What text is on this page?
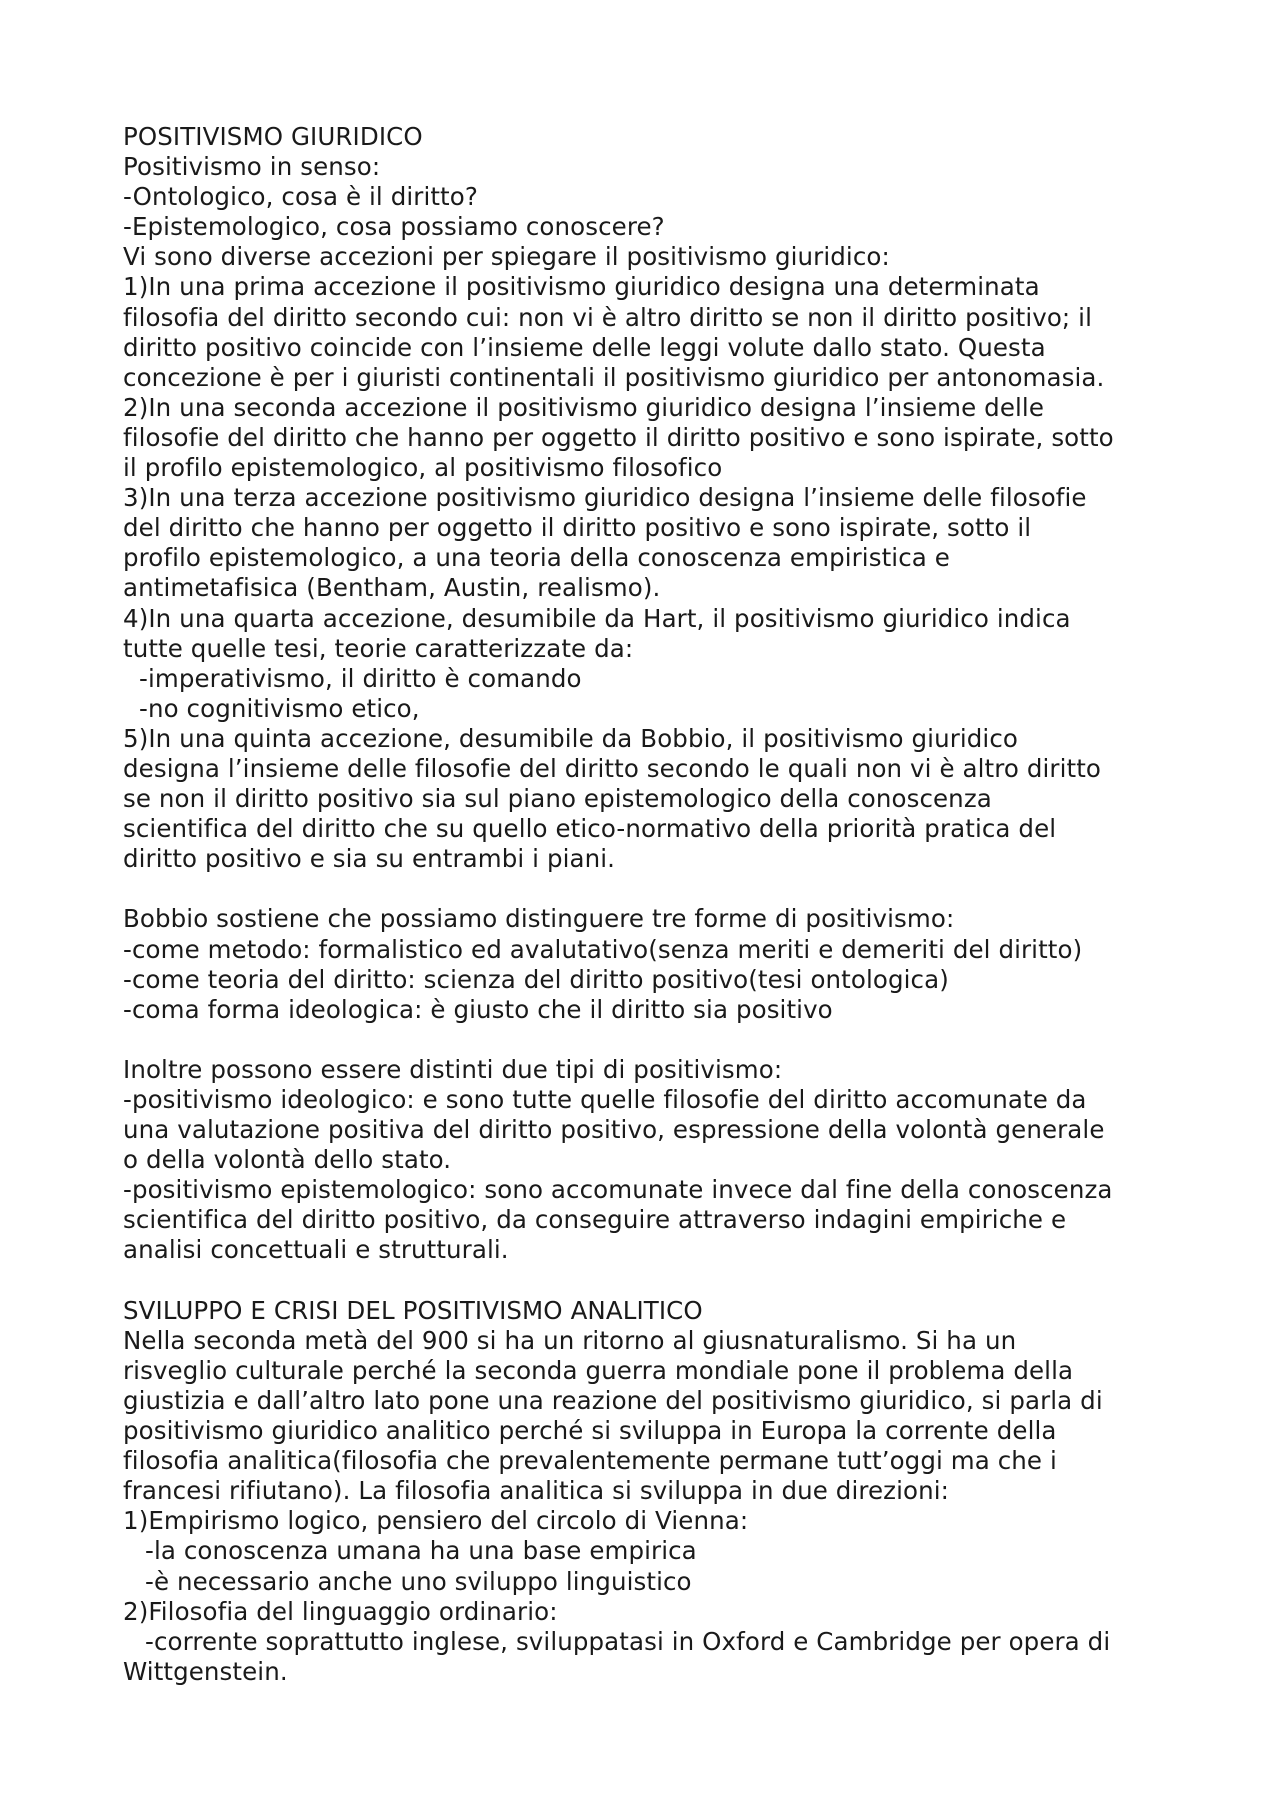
POSITIVISMO GIURIDICO
Positivismo in senso:
-Ontologico, cosa è il diritto?
-Epistemologico, cosa possiamo conoscere?
Vi sono diverse accezioni per spiegare il positivismo giuridico:
1)In una prima accezione il positivismo giuridico designa una determinata
filosofia del diritto secondo cui: non vi è altro diritto se non il diritto positivo; il
diritto positivo coincide con l’insieme delle leggi volute dallo stato. Questa
concezione è per i giuristi continentali il positivismo giuridico per antonomasia.
2)In una seconda accezione il positivismo giuridico designa l’insieme delle
filosofie del diritto che hanno per oggetto il diritto positivo e sono ispirate, sotto
il profilo epistemologico, al positivismo filosofico
3)In una terza accezione positivismo giuridico designa l’insieme delle filosofie
del diritto che hanno per oggetto il diritto positivo e sono ispirate, sotto il
profilo epistemologico, a una teoria della conoscenza empiristica e
antimetafisica (Bentham, Austin, realismo).
4)In una quarta accezione, desumibile da Hart, il positivismo giuridico indica
tutte quelle tesi, teorie caratterizzate da:
-imperativismo, il diritto è comando
-no cognitivismo etico,
5)In una quinta accezione, desumibile da Bobbio, il positivismo giuridico
designa l’insieme delle filosofie del diritto secondo le quali non vi è altro diritto
se non il diritto positivo sia sul piano epistemologico della conoscenza
scientifica del diritto che su quello etico-normativo della priorità pratica del
diritto positivo e sia su entrambi i piani.
Bobbio sostiene che possiamo distinguere tre forme di positivismo:
-come metodo: formalistico ed avalutativo(senza meriti e demeriti del diritto)
-come teoria del diritto: scienza del diritto positivo(tesi ontologica)
-coma forma ideologica: è giusto che il diritto sia positivo
Inoltre possono essere distinti due tipi di positivismo:
-positivismo ideologico: e sono tutte quelle filosofie del diritto accomunate da
una valutazione positiva del diritto positivo, espressione della volontà generale
o della volontà dello stato.
-positivismo epistemologico: sono accomunate invece dal fine della conoscenza
scientifica del diritto positivo, da conseguire attraverso indagini empiriche e
analisi concettuali e strutturali.
SVILUPPO E CRISI DEL POSITIVISMO ANALITICO
Nella seconda metà del 900 si ha un ritorno al giusnaturalismo. Si ha un
risveglio culturale perché la seconda guerra mondiale pone il problema della
giustizia e dall’altro lato pone una reazione del positivismo giuridico, si parla di
positivismo giuridico analitico perché si sviluppa in Europa la corrente della
filosofia analitica(filosofia che prevalentemente permane tutt’oggi ma che i
francesi rifiutano). La filosofia analitica si sviluppa in due direzioni:
1)Empirismo logico, pensiero del circolo di Vienna:
-la conoscenza umana ha una base empirica
-è necessario anche uno sviluppo linguistico
2)Filosofia del linguaggio ordinario:
-corrente soprattutto inglese, sviluppatasi in Oxford e Cambridge per opera di
Wittgenstein.
